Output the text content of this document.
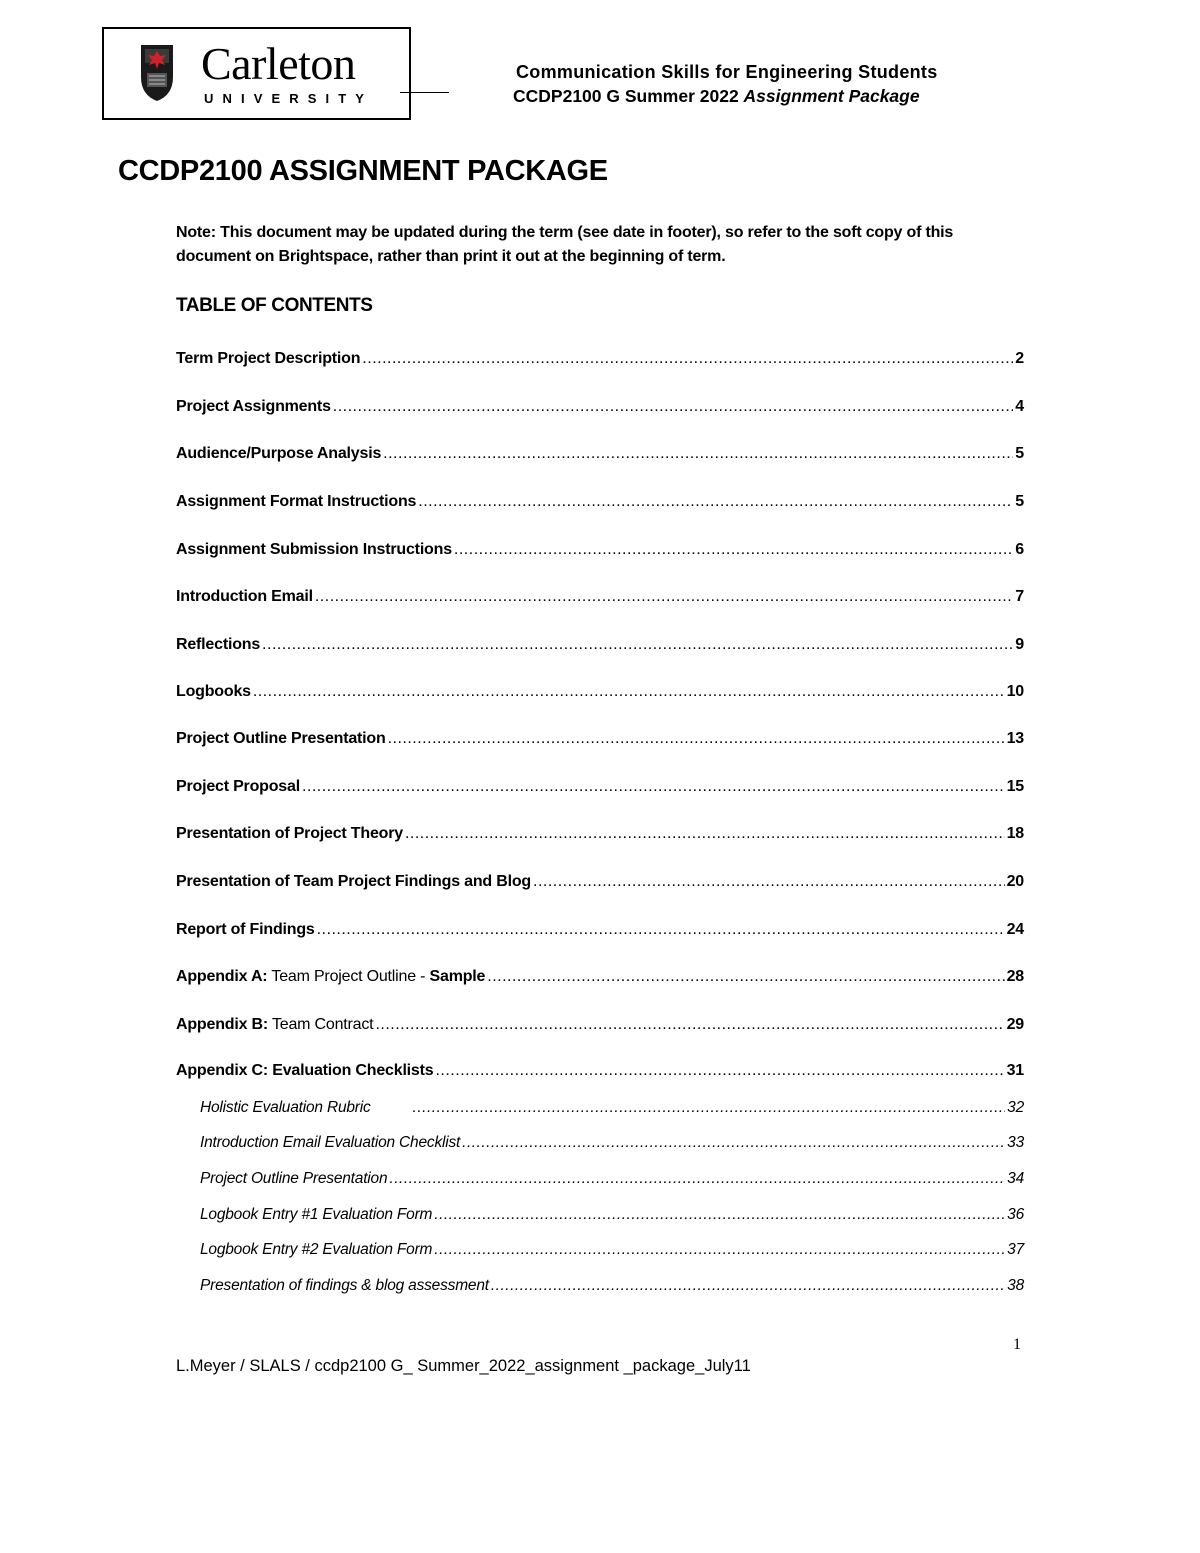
Carleton
UNIVERSITY
Communication Skills for Engineering Students
CCDP2100 G Summer 2022 Assignment Package
CCDP2100 ASSIGNMENT PACKAGE
Note: This document may be updated during the term (see date in footer), so refer to the soft copy of this document on Brightspace, rather than print it out at the beginning of term.
TABLE OF CONTENTS
Term Project Description .....	2
Project Assignments .....	4
Audience/Purpose Analysis .....	5
Assignment Format Instructions .....	5
Assignment Submission Instructions .....	6
Introduction Email .....	7
Reflections .....	9
Logbooks .....	10
Project Outline Presentation .....	13
Project Proposal .....	15
Presentation of Project Theory .....	18
Presentation of Team Project Findings and Blog .....	20
Report of Findings .....	24
Appendix A: Team Project Outline - Sample .....	28
Appendix B: Team Contract .....	29
Appendix C: Evaluation Checklists .....	31
Holistic Evaluation Rubric .....	32
Introduction Email Evaluation Checklist .....	33
Project Outline Presentation .....	34
Logbook Entry #1 Evaluation Form .....	36
Logbook Entry #2 Evaluation Form .....	37
Presentation of findings & blog assessment .....	38
1
L.Meyer / SLALS / ccdp2100 G_ Summer_2022_assignment _package_July11
